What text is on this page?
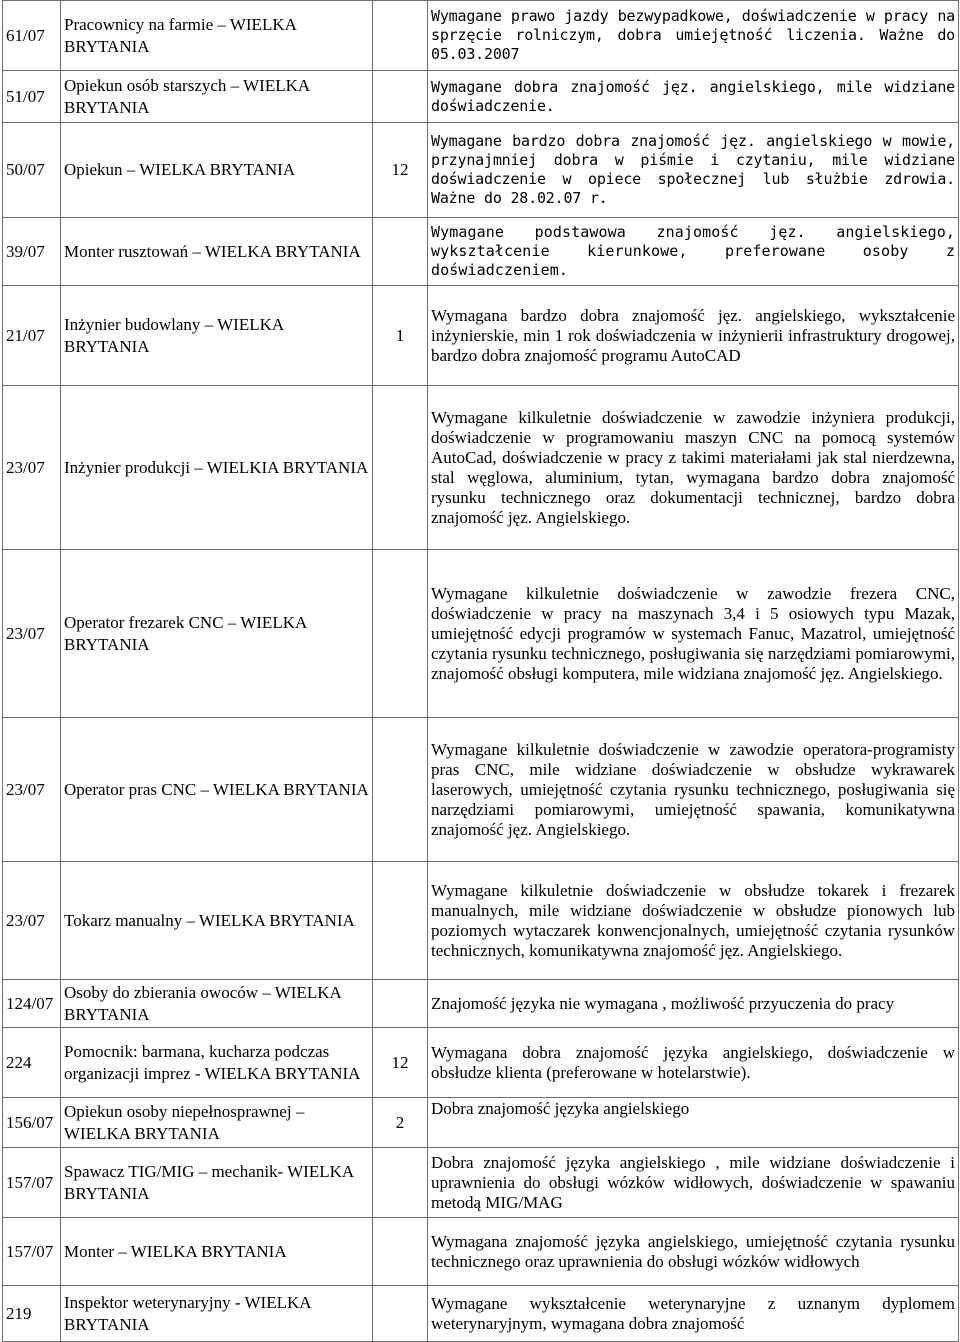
61/07	Pracownicy na farmie – WIELKA BRYTANIA		Wymagane prawo jazdy bezwypadkowe, doświadczenie w pracy na sprzęcie rolniczym, dobra umiejętność liczenia. Ważne do 05.03.2007
51/07	Opiekun osób starszych – WIELKA BRYTANIA		Wymagane dobra znajomość jęz. angielskiego, mile widziane doświadczenie.
50/07	Opiekun – WIELKA BRYTANIA	12	Wymagane bardzo dobra znajomość jęz. angielskiego w mowie, przynajmniej dobra w piśmie i czytaniu, mile widziane doświadczenie w opiece społecznej lub służbie zdrowia. Ważne do 28.02.07 r.
39/07	Monter rusztowań – WIELKA BRYTANIA		Wymagane podstawowa znajomość jęz. angielskiego, wykształcenie kierunkowe, preferowane osoby z doświadczeniem.
21/07	Inżynier budowlany – WIELKA BRYTANIA	1	Wymagana bardzo dobra znajomość jęz. angielskiego, wykształcenie inżynierskie, min 1 rok doświadczenia w inżynierii infrastruktury drogowej, bardzo dobra znajomość programu AutoCAD
23/07	Inżynier produkcji – WIELKIA BRYTANIA		Wymagane kilkuletnie doświadczenie w zawodzie inżyniera produkcji, doświadczenie w programowaniu maszyn CNC na pomocą systemów AutoCad, doświadczenie w pracy z takimi materiałami jak stal nierdzewna, stal węglowa, aluminium, tytan, wymagana bardzo dobra znajomość rysunku technicznego oraz dokumentacji technicznej, bardzo dobra znajomość jęz. Angielskiego.
23/07	Operator frezarek CNC – WIELKA BRYTANIA		Wymagane kilkuletnie doświadczenie w zawodzie frezera CNC, doświadczenie w pracy na maszynach 3,4 i 5 osiowych typu Mazak, umiejętność edycji programów w systemach Fanuc, Mazatrol, umiejętność czytania rysunku technicznego, posługiwania się narzędziami pomiarowymi, znajomość obsługi komputera, mile widziana znajomość jęz. Angielskiego.
23/07	Operator pras CNC – WIELKA BRYTANIA		Wymagane kilkuletnie doświadczenie w zawodzie operatora-programisty pras CNC, mile widziane doświadczenie w obsłudze wykrawarek laserowych, umiejętność czytania rysunku technicznego, posługiwania się narzędziami pomiarowymi, umiejętność spawania, komunikatywna znajomość jęz. Angielskiego.
23/07	Tokarz manualny – WIELKA BRYTANIA		Wymagane kilkuletnie doświadczenie w obsłudze tokarek i frezarek manualnych, mile widziane doświadczenie w obsłudze pionowych lub poziomych wytaczarek konwencjonalnych, umiejętność czytania rysunków technicznych, komunikatywna znajomość jęz. Angielskiego.
124/07	Osoby do zbierania owoców – WIELKA BRYTANIA		Znajomość języka nie wymagana , możliwość przyuczenia do pracy
224	Pomocnik: barmana, kucharza podczas organizacji imprez - WIELKA BRYTANIA	12	Wymagana dobra znajomość języka angielskiego, doświadczenie w obsłudze klienta (preferowane w hotelarstwie).
156/07	Opiekun osoby niepełnosprawnej – WIELKA BRYTANIA	2	Dobra znajomość języka angielskiego
157/07	Spawacz TIG/MIG – mechanik- WIELKA BRYTANIA		Dobra znajomość języka angielskiego , mile widziane doświadczenie i uprawnienia do obsługi wózków widłowych, doświadczenie w spawaniu metodą MIG/MAG
157/07	Monter – WIELKA BRYTANIA		Wymagana znajomość języka angielskiego, umiejętność czytania rysunku technicznego oraz uprawnienia do obsługi wózków widłowych
219	Inspektor weterynaryjny - WIELKA BRYTANIA		Wymagane wykształcenie weterynaryjne z uznanym dyplomem weterynaryjnym, wymagana dobra znajomość
